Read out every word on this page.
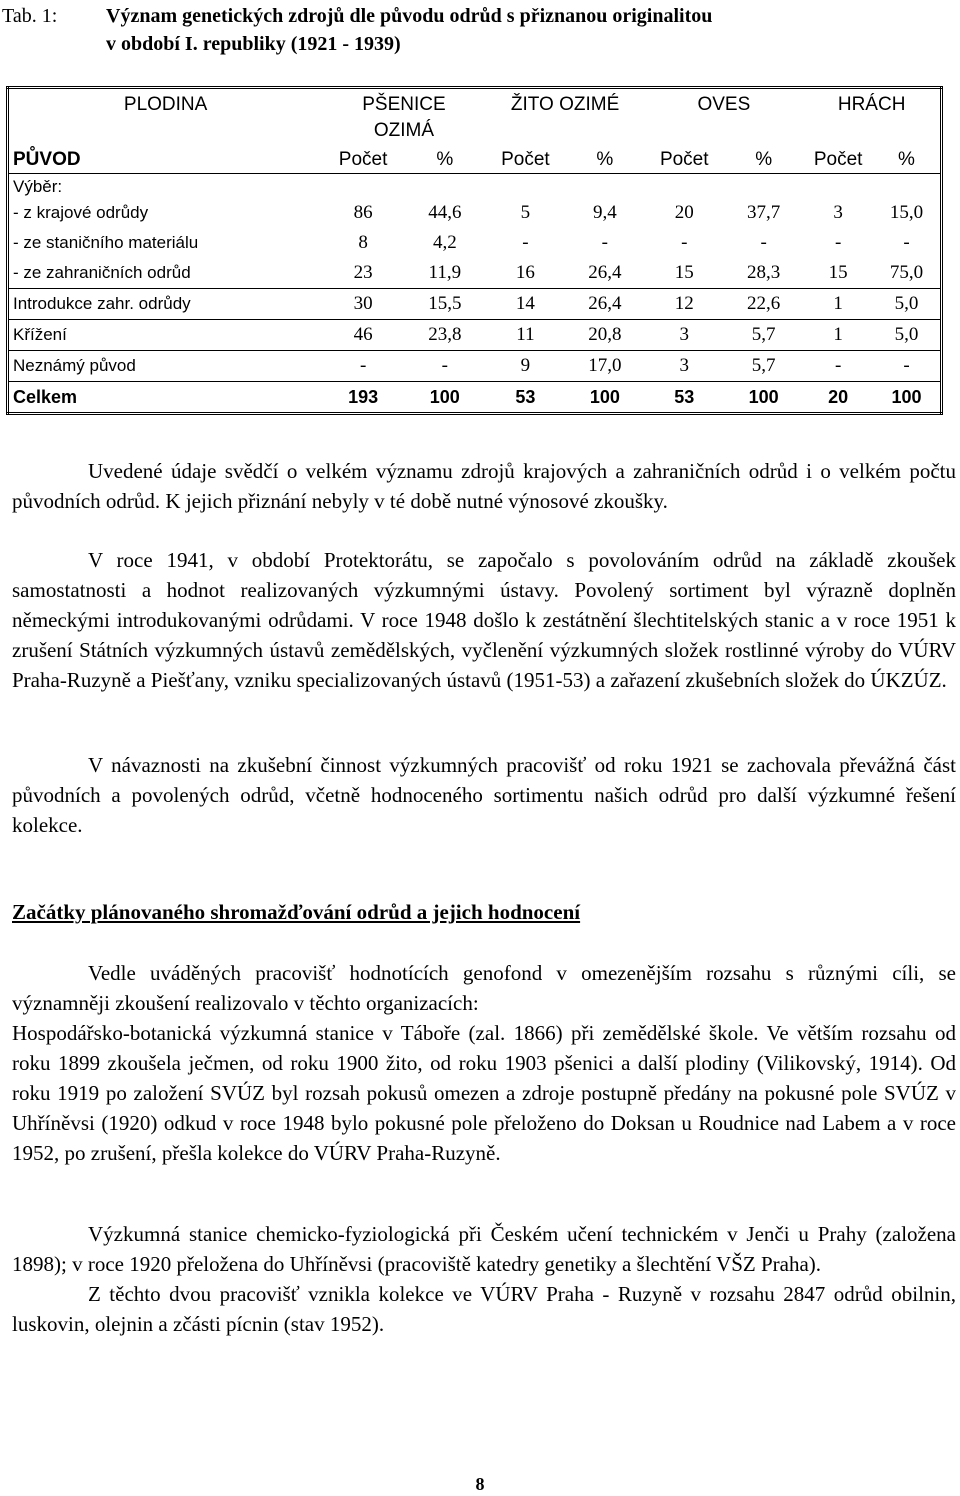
Tab. 1: Význam genetických zdrojů dle původu odrůd s přiznanou originalitou
v období I. republiky (1921 - 1939)
PLODINA	PŠENICE OZIMÁ		ŽITO OZIMÉ		OVES		HRÁCH	
PŮVOD	Počet	%	Počet	%	Počet	%	Počet	%
Výběr:								
- z krajové odrůdy	86	44,6	5	9,4	20	37,7	3	15,0
- ze staničního materiálu	8	4,2	-	-	-	-	-	-
- ze zahraničních odrůd	23	11,9	16	26,4	15	28,3	15	75,0
Introdukce zahr. odrůdy	30	15,5	14	26,4	12	22,6	1	5,0
Křížení	46	23,8	11	20,8	3	5,7	1	5,0
Neznámý původ	-	-	9	17,0	3	5,7	-	-
Celkem	193	100	53	100	53	100	20	100

Uvedené údaje svědčí o velkém významu zdrojů krajových a zahraničních odrůd i o velkém počtu původních odrůd. K jejich přiznání nebyly v té době nutné výnosové zkoušky.

V roce 1941, v období Protektorátu, se započalo s povolováním odrůd na základě zkoušek samostatnosti a hodnot realizovaných výzkumnými ústavy. Povolený sortiment byl výrazně doplněn německými introdukovanými odrůdami. V roce 1948 došlo k zestátnění šlechtitelských stanic a v roce 1951 k zrušení Státních výzkumných ústavů zemědělských, vyčlenění výzkumných složek rostlinné výroby do VÚRV Praha-Ruzyně a Piešťany, vzniku specializovaných ústavů (1951-53) a zařazení zkušebních složek do ÚKZÚZ.

V návaznosti na zkušební činnost výzkumných pracovišť od roku 1921 se zachovala převážná část původních a povolených odrůd, včetně hodnoceného sortimentu našich odrůd pro další výzkumné řešení kolekce.

Začátky plánovaného shromažďování odrůd a jejich hodnocení

Vedle uváděných pracovišť hodnotících genofond v omezenějším rozsahu s různými cíli, se významněji zkoušení realizovalo v těchto organizacích:

Hospodářsko-botanická výzkumná stanice v Táboře (zal. 1866) při zemědělské škole. Ve větším rozsahu od roku 1899 zkoušela ječmen, od roku 1900 žito, od roku 1903 pšenici a další plodiny (Vilikovský, 1914). Od roku 1919 po založení SVÚZ byl rozsah pokusů omezen a zdroje postupně předány na pokusné pole SVÚZ v Uhříněvsi (1920) odkud v roce 1948 bylo pokusné pole přeloženo do Doksan u Roudnice nad Labem a v roce 1952, po zrušení, přešla kolekce do VÚRV Praha-Ruzyně.

Výzkumná stanice chemicko-fyziologická při Českém učení technickém v Jenči u Prahy (založena 1898); v roce 1920 přeložena do Uhříněvsi (pracoviště katedry genetiky a šlechtění VŠZ Praha).

Z těchto dvou pracovišť vznikla kolekce ve VÚRV Praha - Ruzyně v rozsahu 2847 odrůd obilnin, luskovin, olejnin a zčásti pícnin (stav 1952).

8
